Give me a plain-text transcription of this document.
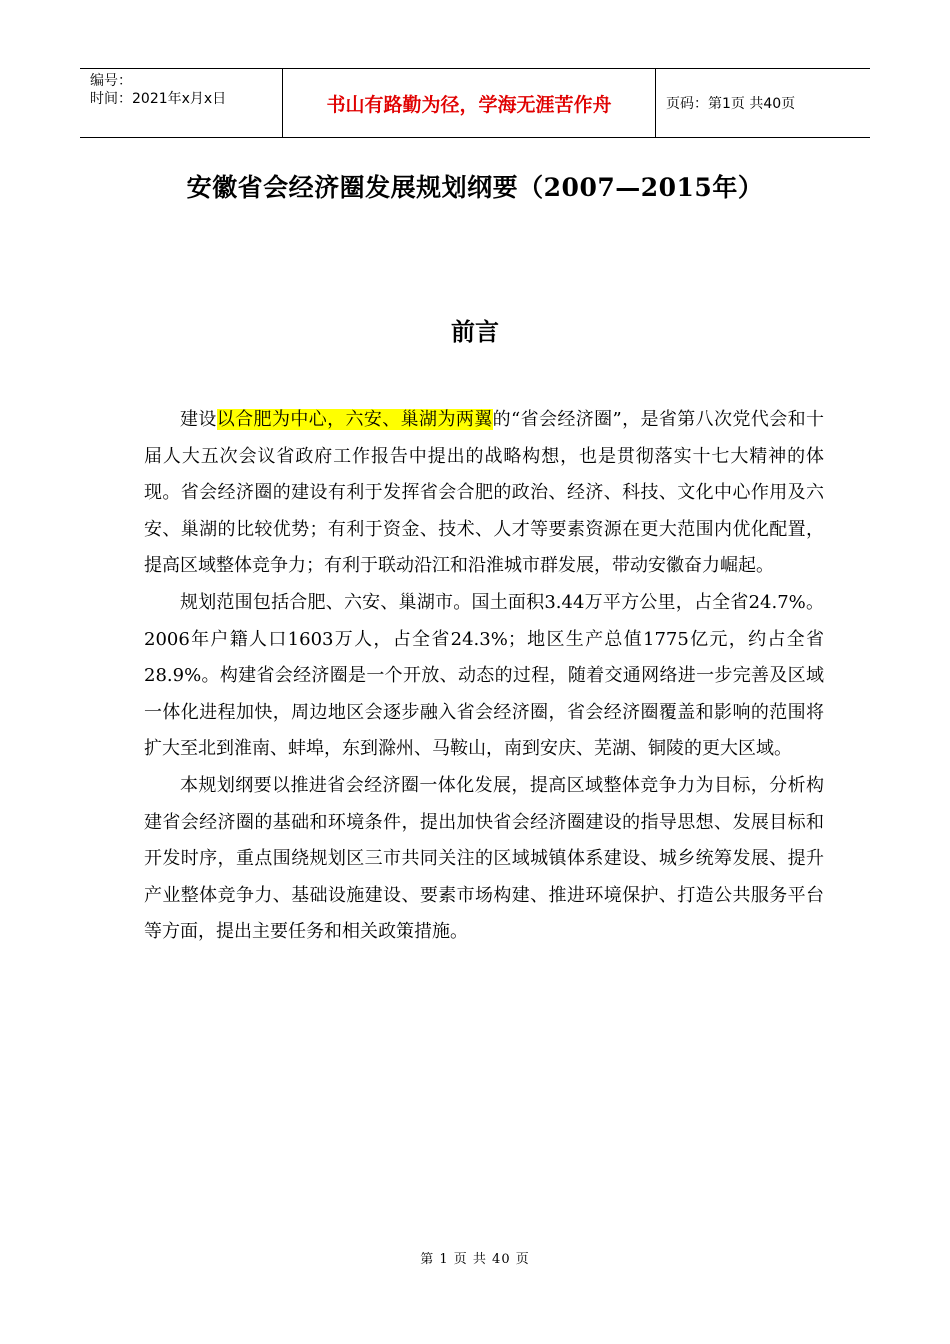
编号：
时间：2021年x月x日	书山有路勤为径，学海无涯苦作舟	页码：第1页 共40页
安徽省会经济圈发展规划纲要（2007—2015年）
前言

建设以合肥为中心，六安、巢湖为两翼的“省会经济圈”，是省第八次党代会和十届人大五次会议省政府工作报告中提出的战略构想，也是贯彻落实十七大精神的体现。省会经济圈的建设有利于发挥省会合肥的政治、经济、科技、文化中心作用及六安、巢湖的比较优势；有利于资金、技术、人才等要素资源在更大范围内优化配置，提高区域整体竞争力；有利于联动沿江和沿淮城市群发展，带动安徽奋力崛起。

规划范围包括合肥、六安、巢湖市。国土面积3.44万平方公里，占全省24.7%。2006年户籍人口1603万人，占全省24.3%；地区生产总值1775亿元，约占全省28.9%。构建省会经济圈是一个开放、动态的过程，随着交通网络进一步完善及区域一体化进程加快，周边地区会逐步融入省会经济圈，省会经济圈覆盖和影响的范围将扩大至北到淮南、蚌埠，东到滁州、马鞍山，南到安庆、芜湖、铜陵的更大区域。

本规划纲要以推进省会经济圈一体化发展，提高区域整体竞争力为目标，分析构建省会经济圈的基础和环境条件，提出加快省会经济圈建设的指导思想、发展目标和开发时序，重点围绕规划区三市共同关注的区域城镇体系建设、城乡统筹发展、提升产业整体竞争力、基础设施建设、要素市场构建、推进环境保护、打造公共服务平台等方面，提出主要任务和相关政策措施。

第 1 页 共 40 页
